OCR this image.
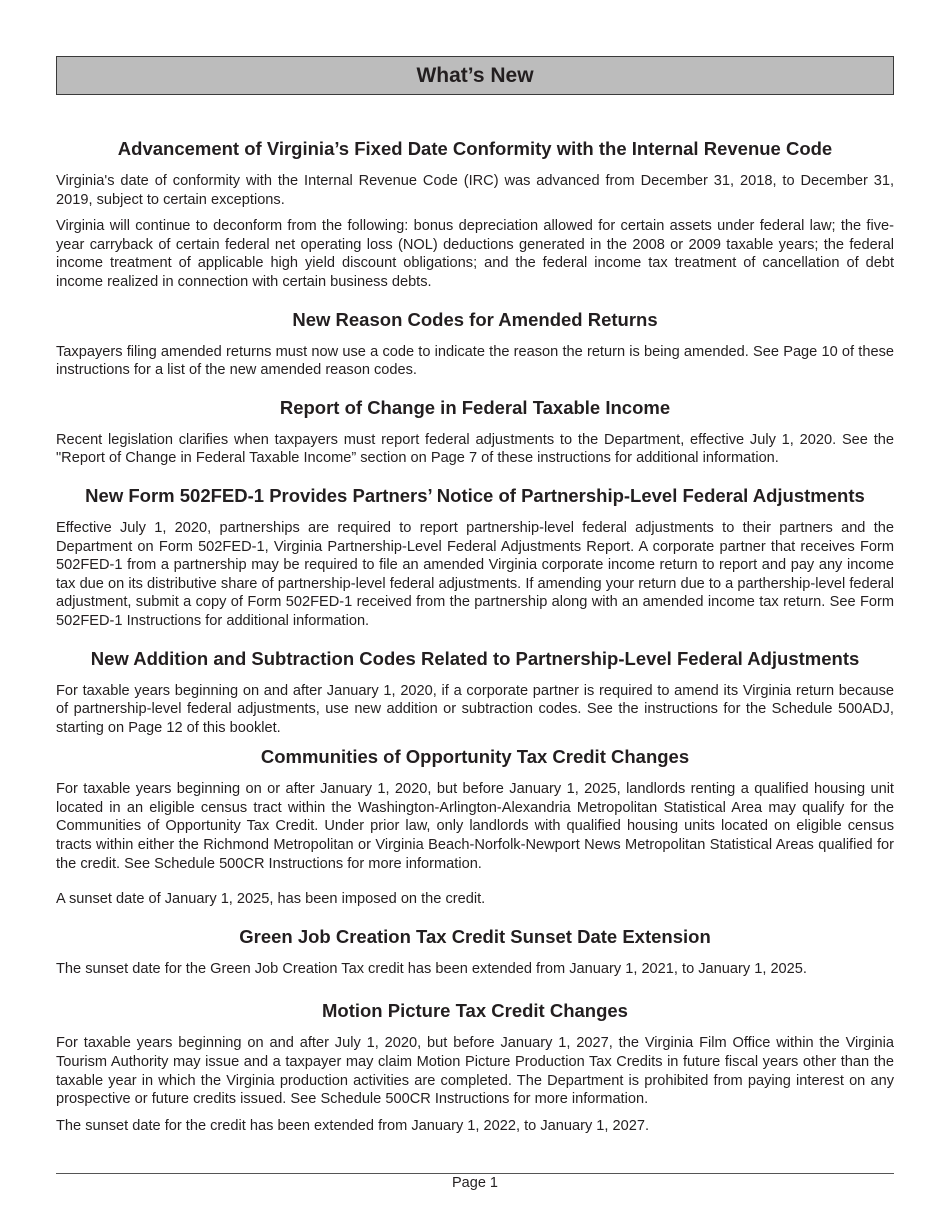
What’s New
Advancement of Virginia’s Fixed Date Conformity with the Internal Revenue Code

Virginia's date of conformity with the Internal Revenue Code (IRC) was advanced from December 31, 2018, to December 31, 2019, subject to certain exceptions.

Virginia will continue to deconform from the following: bonus depreciation allowed for certain assets under federal law; the five-year carryback of certain federal net operating loss (NOL) deductions generated in the 2008 or 2009 taxable years; the federal income treatment of applicable high yield discount obligations; and the federal income tax treatment of cancellation of debt income realized in connection with certain business debts.

New Reason Codes for Amended Returns

Taxpayers filing amended returns must now use a code to indicate the reason the return is being amended. See Page 10 of these instructions for a list of the new amended reason codes.

Report of Change in Federal Taxable Income

Recent legislation clarifies when taxpayers must report federal adjustments to the Department, effective July 1, 2020. See the "Report of Change in Federal Taxable Income” section on Page 7 of these instructions for additional information.

New Form 502FED-1 Provides Partners’ Notice of Partnership-Level Federal Adjustments

Effective July 1, 2020, partnerships are required to report partnership-level federal adjustments to their partners and the Department on Form 502FED-1, Virginia Partnership-Level Federal Adjustments Report. A corporate partner that receives Form 502FED-1 from a partnership may be required to file an amended Virginia corporate income return to report and pay any income tax due on its distributive share of partnership-level federal adjustments. If amending your return due to a parthership-level federal adjustment, submit a copy of Form 502FED-1 received from the partnership along with an amended income tax return. See Form 502FED-1 Instructions for additional information.

New Addition and Subtraction Codes Related to Partnership-Level Federal Adjustments

For taxable years beginning on and after January 1, 2020, if a corporate partner is required to amend its Virginia return because of partnership-level federal adjustments, use new addition or subtraction codes. See the instructions for the Schedule 500ADJ, starting on Page 12 of this booklet.

Communities of Opportunity Tax Credit Changes

For taxable years beginning on or after January 1, 2020, but before January 1, 2025, landlords renting a qualified housing unit located in an eligible census tract within the Washington-Arlington-Alexandria Metropolitan Statistical Area may qualify for the Communities of Opportunity Tax Credit. Under prior law, only landlords with qualified housing units located on eligible census tracts within either the Richmond Metropolitan or Virginia Beach-Norfolk-Newport News Metropolitan Statistical Areas qualified for the credit. See Schedule 500CR Instructions for more information.

A sunset date of January 1, 2025, has been imposed on the credit.

Green Job Creation Tax Credit Sunset Date Extension

The sunset date for the Green Job Creation Tax credit has been extended from January 1, 2021, to January 1, 2025.

Motion Picture Tax Credit Changes

For taxable years beginning on and after July 1, 2020, but before January 1, 2027, the Virginia Film Office within the Virginia Tourism Authority may issue and a taxpayer may claim Motion Picture Production Tax Credits in future fiscal years other than the taxable year in which the Virginia production activities are completed. The Department is prohibited from paying interest on any prospective or future credits issued. See Schedule 500CR Instructions for more information.

The sunset date for the credit has been extended from January 1, 2022, to January 1, 2027.

Page 1
